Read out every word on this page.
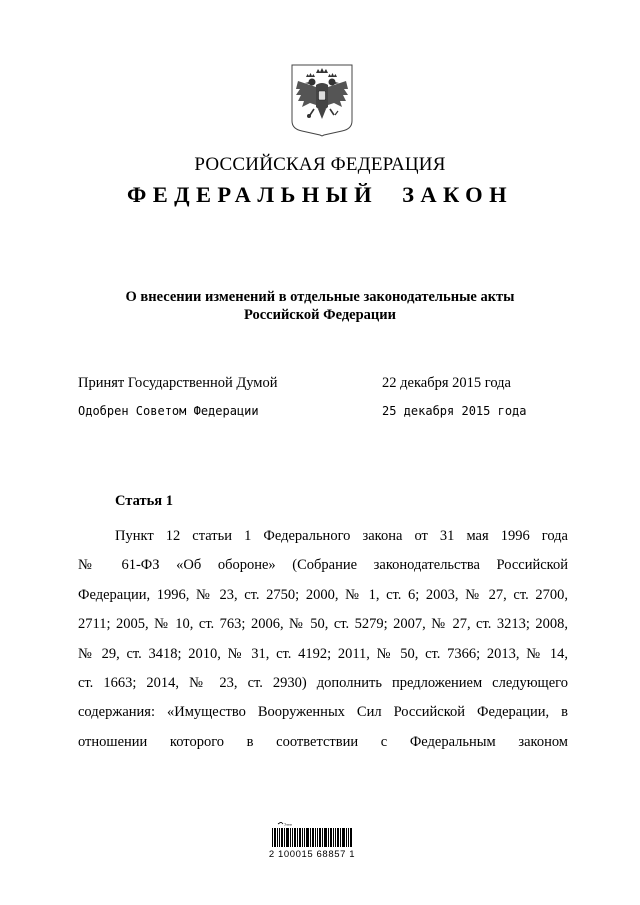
РОССИЙСКАЯ ФЕДЕРАЦИЯ
ФЕДЕРАЛЬНЫЙ ЗАКОН
О внесении изменений в отдельные законодательные акты
Российской Федерации
Принят Государственной Думой	22 декабря 2015 года
Одобрен Советом Федерации	25 декабря 2015 года
Статья 1
Пункт 12 статьи 1 Федерального закона от 31 мая 1996 года
№ 61-ФЗ «Об обороне» (Собрание законодательства Российской
Федерации, 1996, № 23, ст. 2750; 2000, № 1, ст. 6; 2003, № 27, ст. 2700,
2711; 2005, № 10, ст. 763; 2006, № 50, ст. 5279; 2007, № 27, ст. 3213; 2008,
№ 29, ст. 3418; 2010, № 31, ст. 4192; 2011, № 50, ст. 7366; 2013, № 14,
ст. 1663; 2014, № 23, ст. 2930) дополнить предложением следующего
содержания: «Имущество Вооруженных Сил Российской Федерации, в
отношении которого в соответствии с Федеральным законом
7∞∞
2 100015 68857 1
